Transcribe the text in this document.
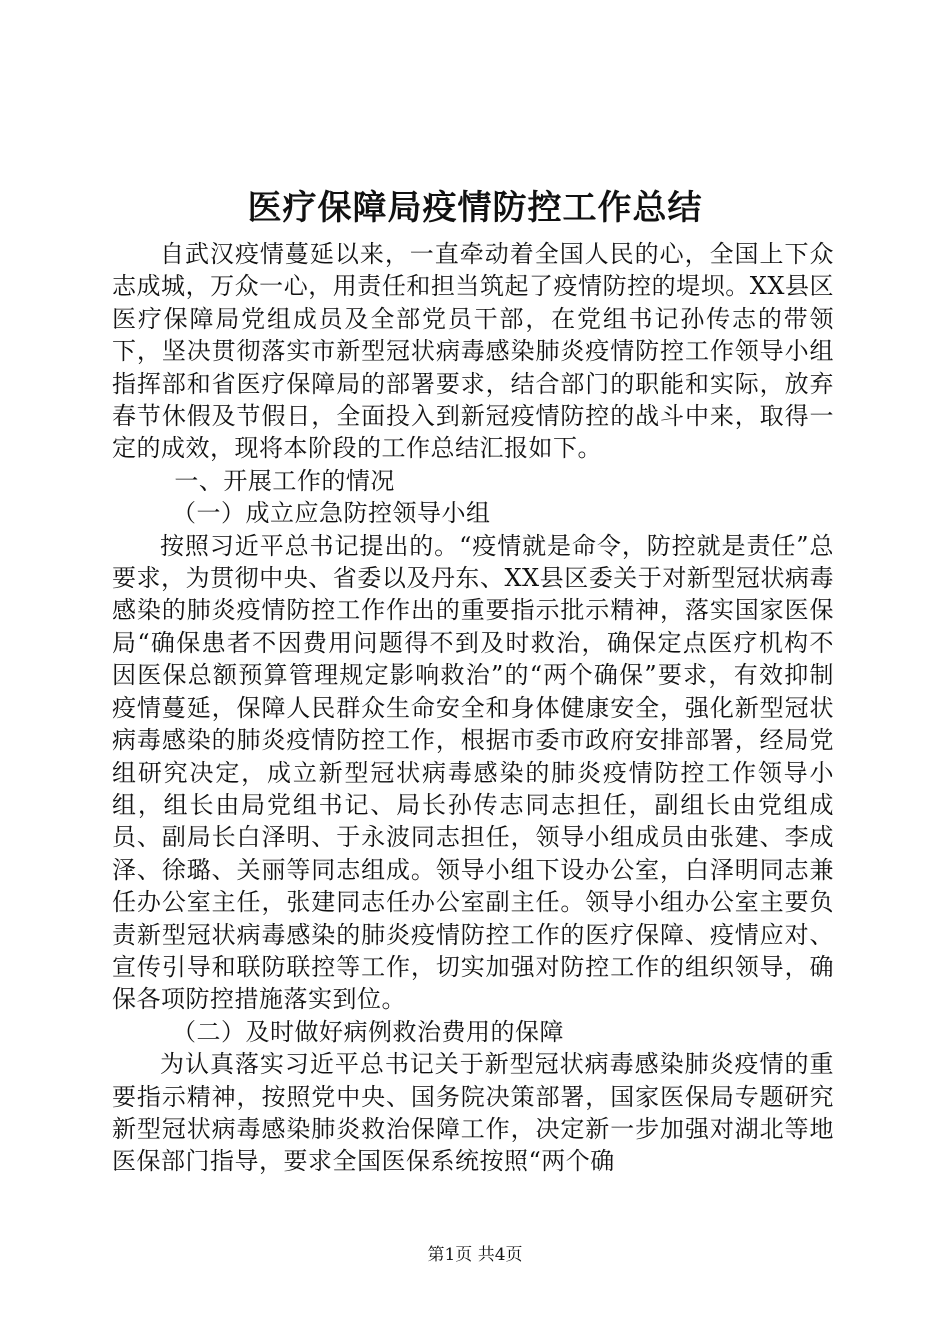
医疗保障局疫情防控工作总结

自武汉疫情蔓延以来，一直牵动着全国人民的心，全国上下众志成城，万众一心，用责任和担当筑起了疫情防控的堤坝。XX县区医疗保障局党组成员及全部党员干部，在党组书记孙传志的带领下，坚决贯彻落实市新型冠状病毒感染肺炎疫情防控工作领导小组指挥部和省医疗保障局的部署要求，结合部门的职能和实际，放弃春节休假及节假日，全面投入到新冠疫情防控的战斗中来，取得一定的成效，现将本阶段的工作总结汇报如下。

一、开展工作的情况

（一）成立应急防控领导小组

按照习近平总书记提出的。“疫情就是命令，防控就是责任”总要求，为贯彻中央、省委以及丹东、XX县区委关于对新型冠状病毒感染的肺炎疫情防控工作作出的重要指示批示精神，落实国家医保局“确保患者不因费用问题得不到及时救治，确保定点医疗机构不因医保总额预算管理规定影响救治”的“两个确保”要求，有效抑制疫情蔓延，保障人民群众生命安全和身体健康安全，强化新型冠状病毒感染的肺炎疫情防控工作，根据市委市政府安排部署，经局党组研究决定，成立新型冠状病毒感染的肺炎疫情防控工作领导小组，组长由局党组书记、局长孙传志同志担任，副组长由党组成员、副局长白泽明、于永波同志担任，领导小组成员由张建、李成泽、徐璐、关丽等同志组成。领导小组下设办公室，白泽明同志兼任办公室主任，张建同志任办公室副主任。领导小组办公室主要负责新型冠状病毒感染的肺炎疫情防控工作的医疗保障、疫情应对、宣传引导和联防联控等工作，切实加强对防控工作的组织领导，确保各项防控措施落实到位。

（二）及时做好病例救治费用的保障

为认真落实习近平总书记关于新型冠状病毒感染肺炎疫情的重要指示精神，按照党中央、国务院决策部署，国家医保局专题研究新型冠状病毒感染肺炎救治保障工作，决定新一步加强对湖北等地医保部门指导，要求全国医保系统按照“两个确

第1页 共4页
